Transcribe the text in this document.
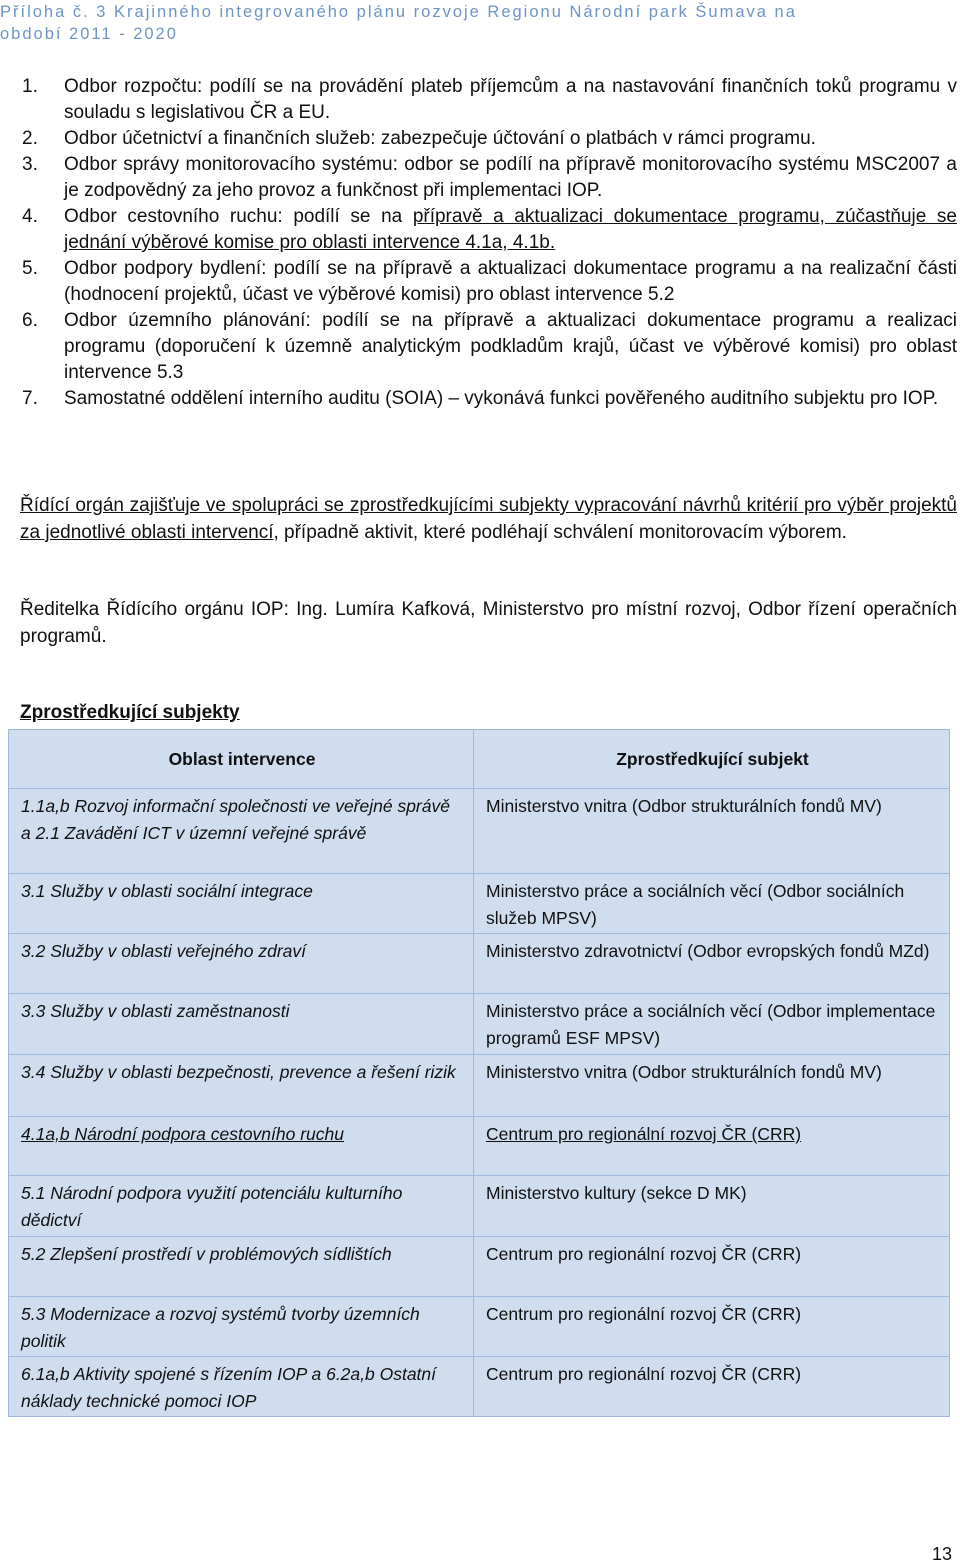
Příloha č. 3 Krajinného integrovaného plánu rozvoje Regionu Národní park Šumava na
období 2011 - 2020
1. Odbor rozpočtu: podílí se na provádění plateb příjemcům a na nastavování finančních toků programu v souladu s legislativou ČR a EU.
2. Odbor účetnictví a finančních služeb: zabezpečuje účtování o platbách v rámci programu.
3. Odbor správy monitorovacího systému: odbor se podílí na přípravě monitorovacího systému MSC2007 a je zodpovědný za jeho provoz a funkčnost při implementaci IOP.
4. Odbor cestovního ruchu: podílí se na přípravě a aktualizaci dokumentace programu, zúčastňuje se jednání výběrové komise pro oblasti intervence 4.1a, 4.1b.
5. Odbor podpory bydlení: podílí se na přípravě a aktualizaci dokumentace programu a na realizační části (hodnocení projektů, účast ve výběrové komisi) pro oblast intervence 5.2
6. Odbor územního plánování: podílí se na přípravě a aktualizaci dokumentace programu a realizaci programu (doporučení k územně analytickým podkladům krajů, účast ve výběrové komisi) pro oblast intervence 5.3
7. Samostatné oddělení interního auditu (SOIA) – vykonává funkci pověřeného auditního subjektu pro IOP.

Řídící orgán zajišťuje ve spolupráci se zprostředkujícími subjekty vypracování návrhů kritérií pro výběr projektů za jednotlivé oblasti intervencí, případně aktivit, které podléhají schválení monitorovacím výborem.

Ředitelka Řídícího orgánu IOP: Ing. Lumíra Kafková, Ministerstvo pro místní rozvoj, Odbor řízení operačních programů.

Zprostředkující subjekty
Oblast intervence	Zprostředkující subjekt
1.1a,b Rozvoj informační společnosti ve veřejné správě a 2.1 Zavádění ICT v územní veřejné správě	Ministerstvo vnitra (Odbor strukturálních fondů MV)
3.1 Služby v oblasti sociální integrace	Ministerstvo práce a sociálních věcí (Odbor sociálních služeb MPSV)
3.2 Služby v oblasti veřejného zdraví	Ministerstvo zdravotnictví (Odbor evropských fondů MZd)
3.3 Služby v oblasti zaměstnanosti	Ministerstvo práce a sociálních věcí (Odbor implementace programů ESF MPSV)
3.4 Služby v oblasti bezpečnosti, prevence a řešení rizik	Ministerstvo vnitra (Odbor strukturálních fondů MV)
4.1a,b Národní podpora cestovního ruchu	Centrum pro regionální rozvoj ČR (CRR)
5.1 Národní podpora využití potenciálu kulturního dědictví	Ministerstvo kultury (sekce D MK)
5.2 Zlepšení prostředí v problémových sídlištích	Centrum pro regionální rozvoj ČR (CRR)
5.3 Modernizace a rozvoj systémů tvorby územních politik	Centrum pro regionální rozvoj ČR (CRR)
6.1a,b Aktivity spojené s řízením IOP a 6.2a,b Ostatní náklady technické pomoci IOP	Centrum pro regionální rozvoj ČR (CRR)
13
